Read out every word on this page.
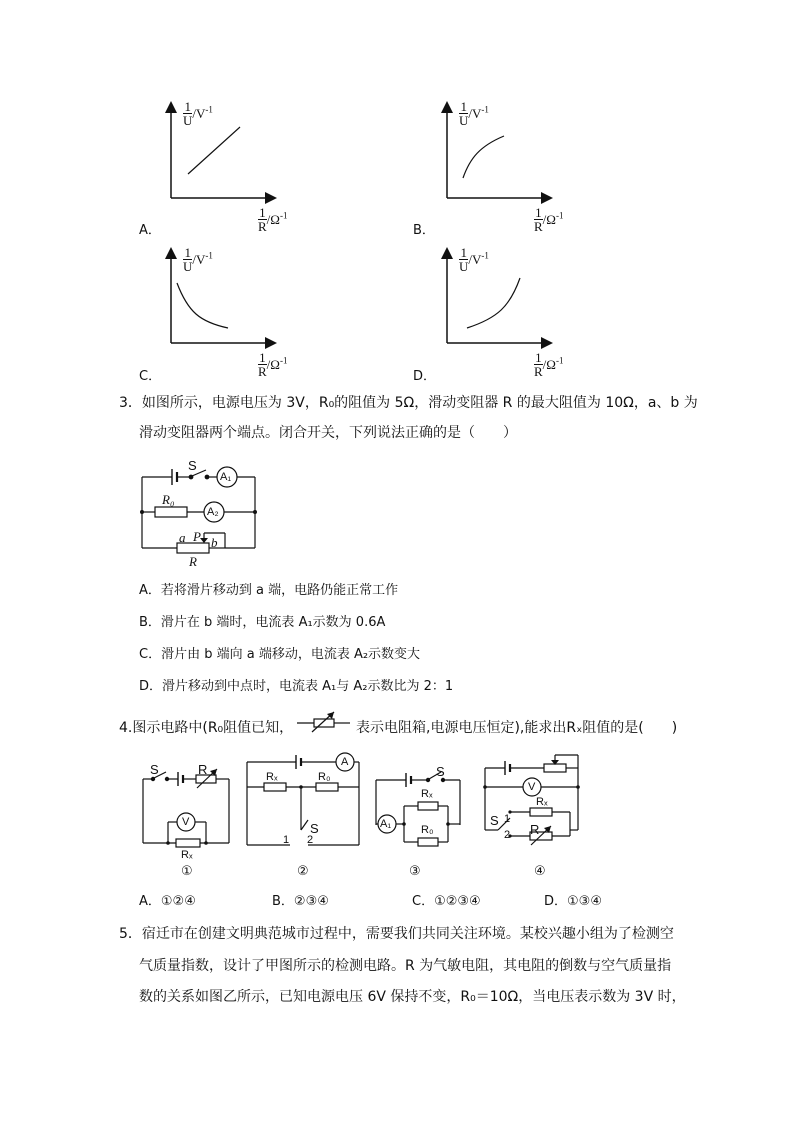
$\frac{1}{U} /V^{-1}$
$\frac{1}{R} /\Omega^{-1}$
A．
$\frac{1}{U} /V^{-1}$
$\frac{1}{R} /\Omega^{-1}$
B．
$\frac{1}{U} /V^{-1}$
$\frac{1}{R} /\Omega^{-1}$
C．
$\frac{1}{U} /V^{-1}$
$\frac{1}{R} /\Omega^{-1}$
D．
3．如图所示，电源电压为 3V，R₀的阻值为 5Ω，滑动变阻器 R 的最大阻值为 10Ω，a、b 为
滑动变阻器两个端点。闭合开关，下列说法正确的是（　　）
S
A₁
R₀
A₂
a P b
R
A．若将滑片移动到 a 端，电路仍能正常工作
B．滑片在 b 端时，电流表 A₁示数为 0.6A
C．滑片由 b 端向 a 端移动，电流表 A₂示数变大
D．滑片移动到中点时，电流表 A₁与 A₂示数比为 2：1
4.图示电路中(R₀阻值已知，	表示电阻箱,电源电压恒定),能求出Rₓ阻值的是(　　)
S	R
V
Rₓ
①
A
Rₓ	R₀
S
1 2
②
S
Rₓ
A₁	R₀
③
V
Rₓ
S 1
2 R
④
A．①②④	B．②③④	C．①②③④	D．①③④
5．宿迁市在创建文明典范城市过程中，需要我们共同关注环境。某校兴趣小组为了检测空
气质量指数，设计了甲图所示的检测电路。R 为气敏电阻，其电阻的倒数与空气质量指
数的关系如图乙所示，已知电源电压 6V 保持不变，R₀＝10Ω，当电压表示数为 3V 时，
